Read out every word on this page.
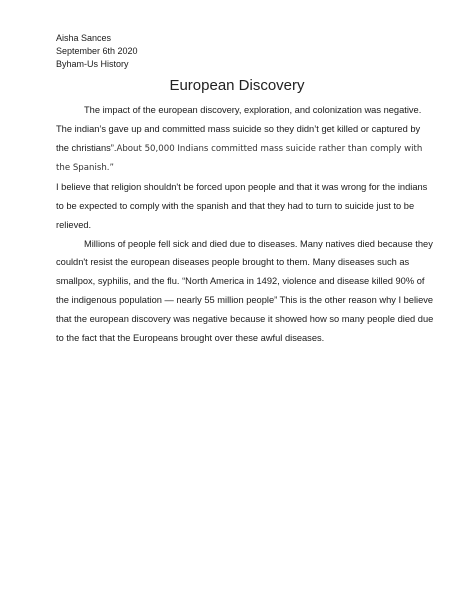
Aisha Sances
September 6th 2020
Byham-Us History
European Discovery

The impact of the european discovery, exploration, and colonization was negative. The indian’s gave up and committed mass suicide so they didn’t get killed or captured by the christians”.About 50,000 Indians committed mass suicide rather than comply with the Spanish.”

I believe that religion shouldn't be forced upon people and that it was wrong for the indians to be expected to comply with the spanish and that they had to turn to suicide just to be relieved.

Millions of people fell sick and died due to diseases. Many natives died because they couldn't resist the european diseases people brought to them. Many diseases such as smallpox, syphilis, and the flu. “North America in 1492, violence and disease killed 90% of the indigenous population — nearly 55 million people” This is the other reason why I believe that the european discovery was negative because it showed how so many people died due to the fact that the Europeans brought over these awful diseases.
